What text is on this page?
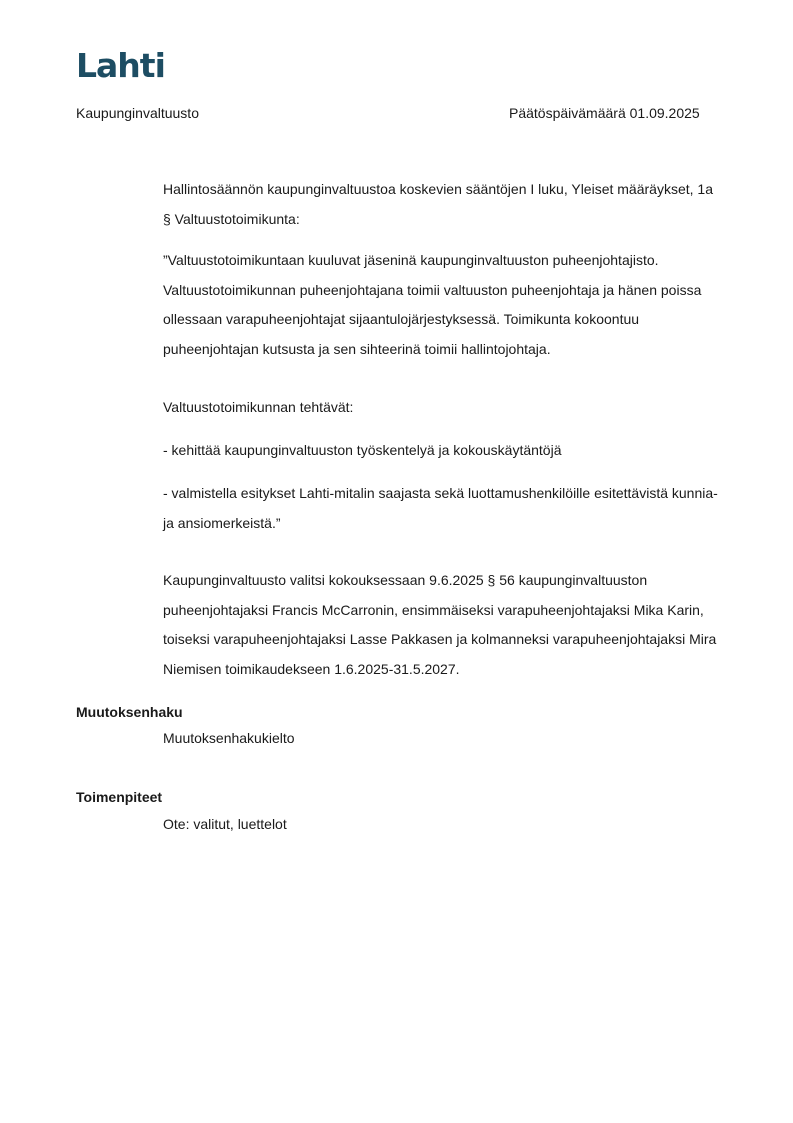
Lahti
Kaupunginvaltuusto	Päätöspäivämäärä 01.09.2025

Hallintosäännön kaupunginvaltuustoa koskevien sääntöjen I luku, Yleiset määräykset, 1a § Valtuustotoimikunta:

”Valtuustotoimikuntaan kuuluvat jäseninä kaupunginvaltuuston puheenjohtajisto. Valtuustotoimikunnan puheenjohtajana toimii valtuuston puheenjohtaja ja hänen poissa ollessaan varapuheenjohtajat sijaantulojärjestyksessä. Toimikunta kokoontuu puheenjohtajan kutsusta ja sen sihteerinä toimii hallintojohtaja.

Valtuustotoimikunnan tehtävät:

- kehittää kaupunginvaltuuston työskentelyä ja kokouskäytäntöjä

- valmistella esitykset Lahti-mitalin saajasta sekä luottamushenkilöille esitettävistä kunnia- ja ansiomerkeistä.”

Kaupunginvaltuusto valitsi kokouksessaan 9.6.2025 § 56 kaupunginvaltuuston puheenjohtajaksi Francis McCarronin, ensimmäiseksi varapuheenjohtajaksi Mika Karin, toiseksi varapuheenjohtajaksi Lasse Pakkasen ja kolmanneksi varapuheenjohtajaksi Mira Niemisen toimikaudekseen 1.6.2025-31.5.2027.

Muutoksenhaku
Muutoksenhakukielto
Toimenpiteet
Ote: valitut, luettelot
